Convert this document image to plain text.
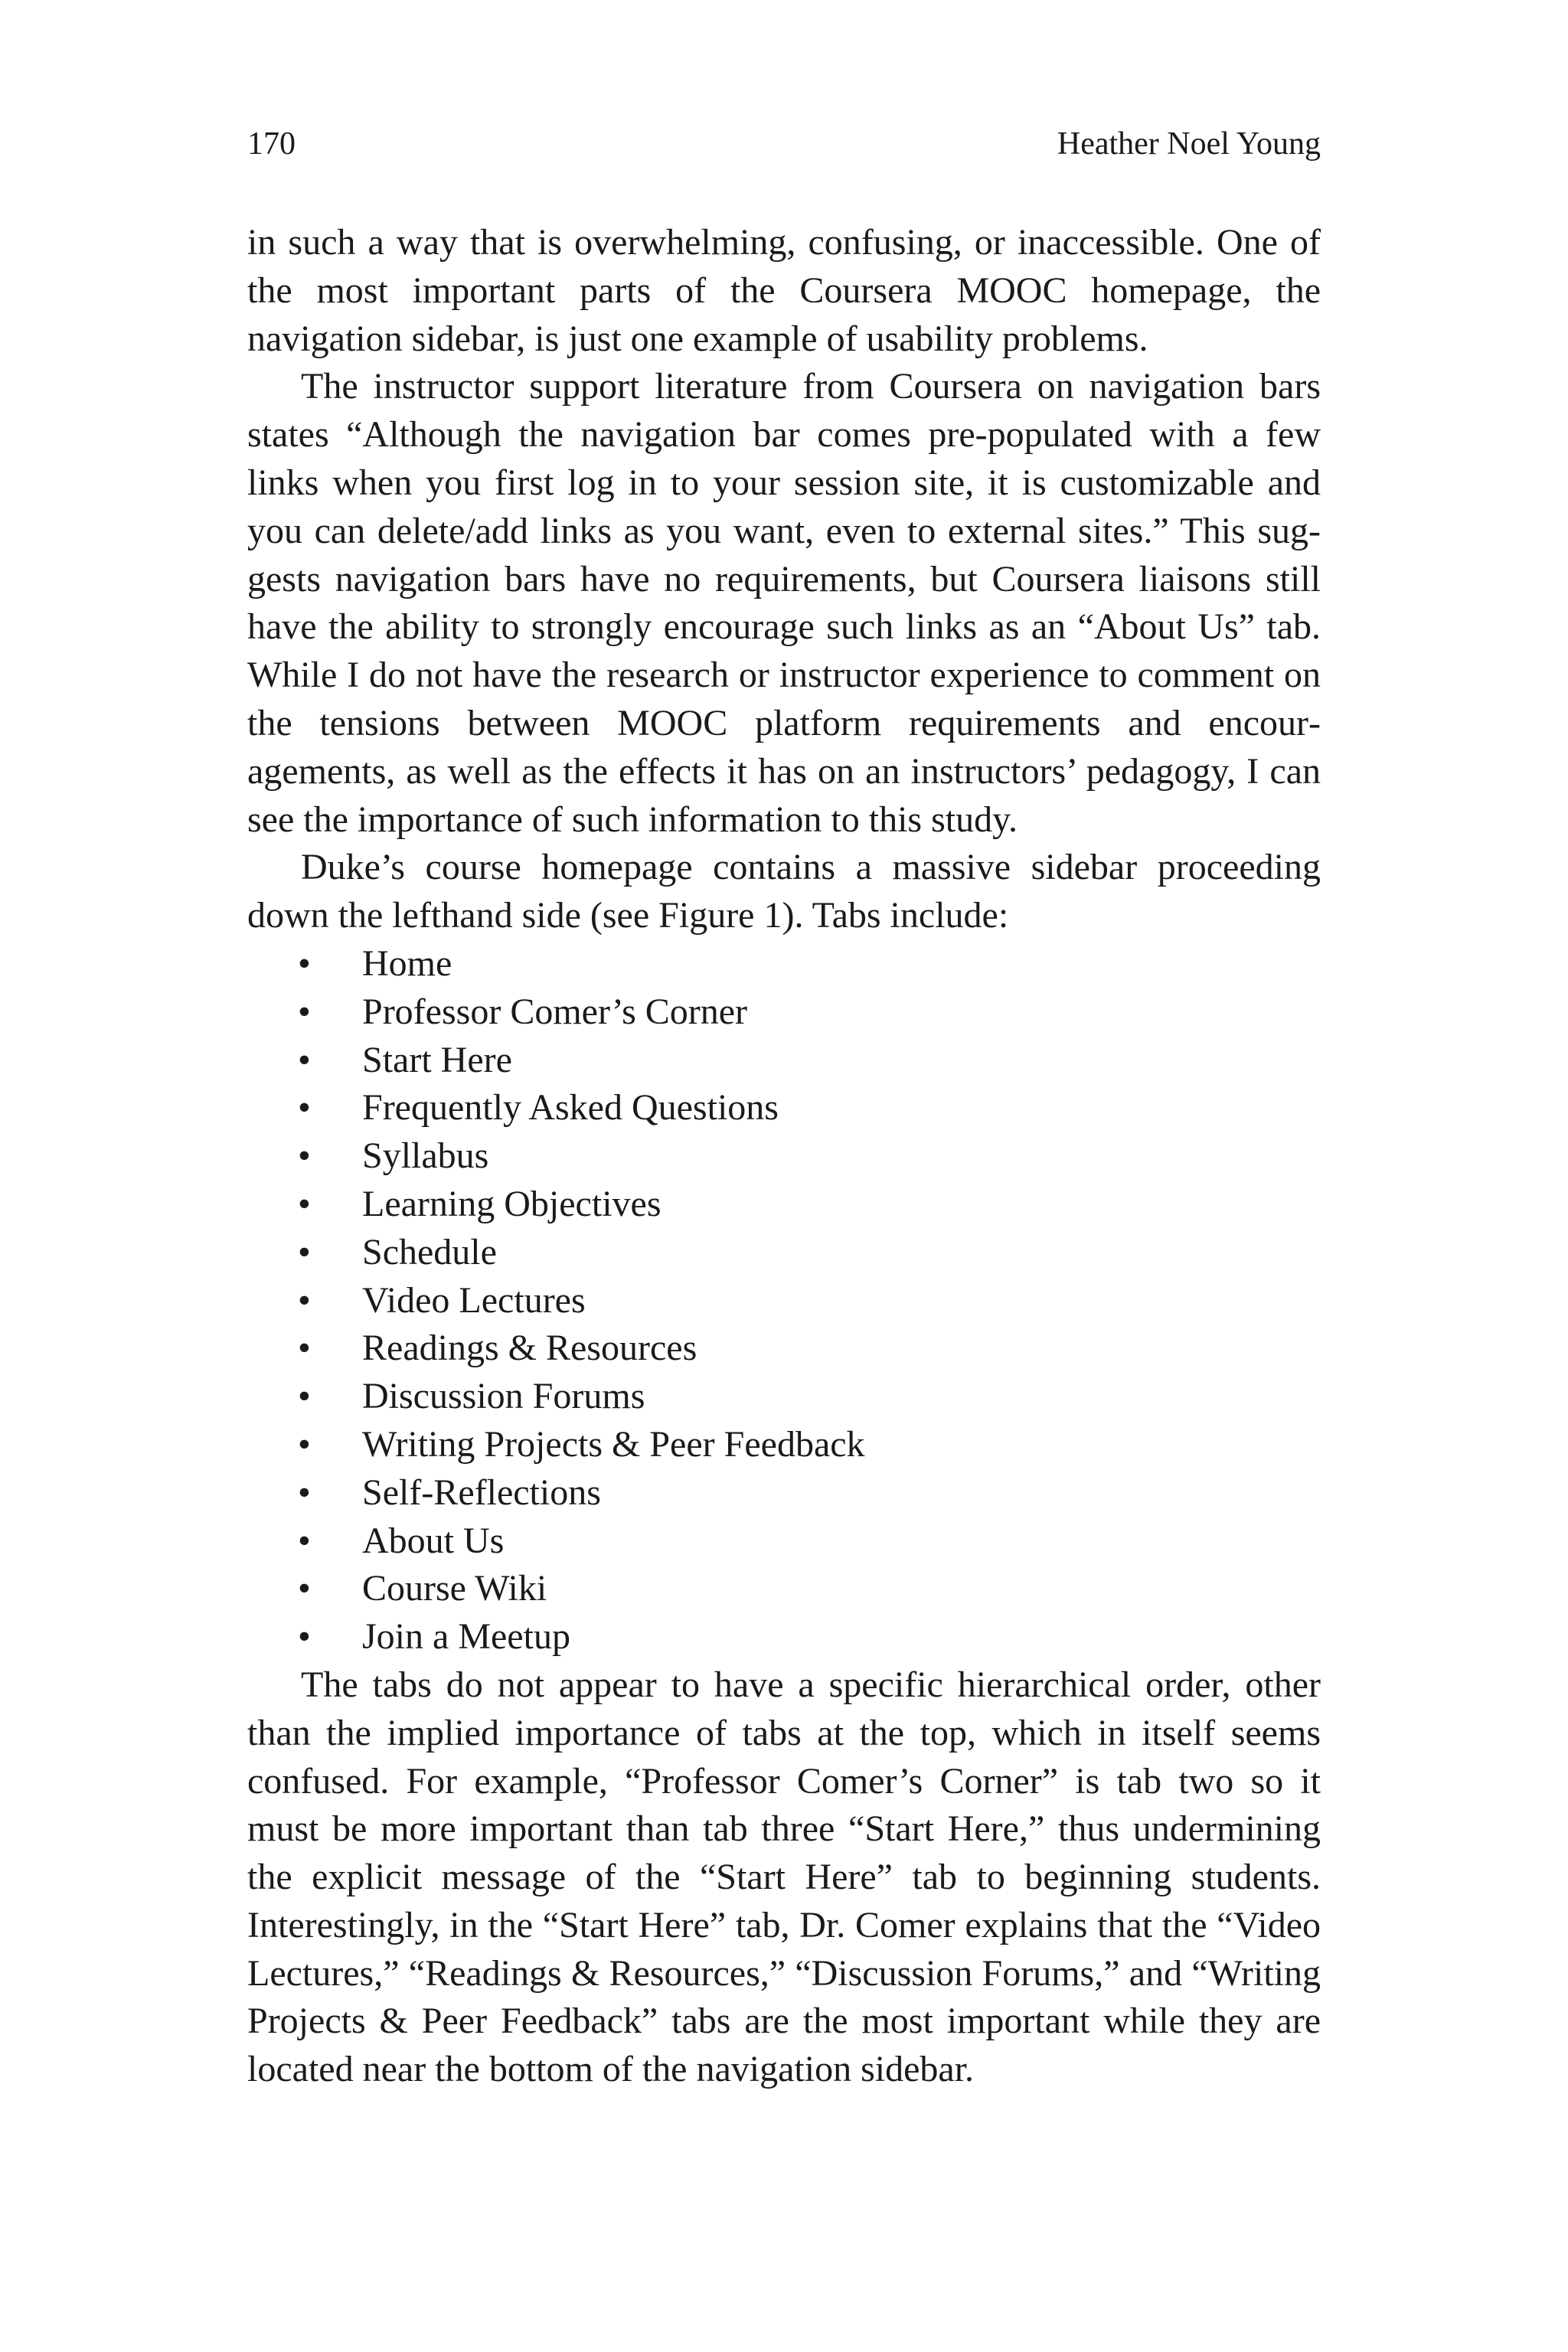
170	Heather Noel Young

in such a way that is overwhelming, confusing, or inaccessible. One of the most important parts of the Coursera MOOC homepage, the navigation sidebar, is just one example of usability problems.

The instructor support literature from Coursera on navigation bars states “Although the navigation bar comes pre-populated with a few links when you first log in to your session site, it is customizable and you can delete/add links as you want, even to external sites.” This suggests navigation bars have no requirements, but Coursera liaisons still have the ability to strongly encourage such links as an “About Us” tab. While I do not have the research or instructor experience to comment on the tensions between MOOC platform requirements and encouragements, as well as the effects it has on an instructors’ pedagogy, I can see the importance of such information to this study.

Duke’s course homepage contains a massive sidebar proceeding down the lefthand side (see Figure 1). Tabs include:

• Home
• Professor Comer’s Corner
• Start Here
• Frequently Asked Questions
• Syllabus
• Learning Objectives
• Schedule
• Video Lectures
• Readings & Resources
• Discussion Forums
• Writing Projects & Peer Feedback
• Self-Reflections
• About Us
• Course Wiki
• Join a Meetup

The tabs do not appear to have a specific hierarchical order, other than the implied importance of tabs at the top, which in itself seems confused. For example, “Professor Comer’s Corner” is tab two so it must be more important than tab three “Start Here,” thus undermining the explicit message of the “Start Here” tab to beginning students. Interestingly, in the “Start Here” tab, Dr. Comer explains that the “Video Lectures,” “Readings & Resources,” “Discussion Forums,” and “Writing Projects & Peer Feedback” tabs are the most important while they are located near the bottom of the navigation sidebar.
